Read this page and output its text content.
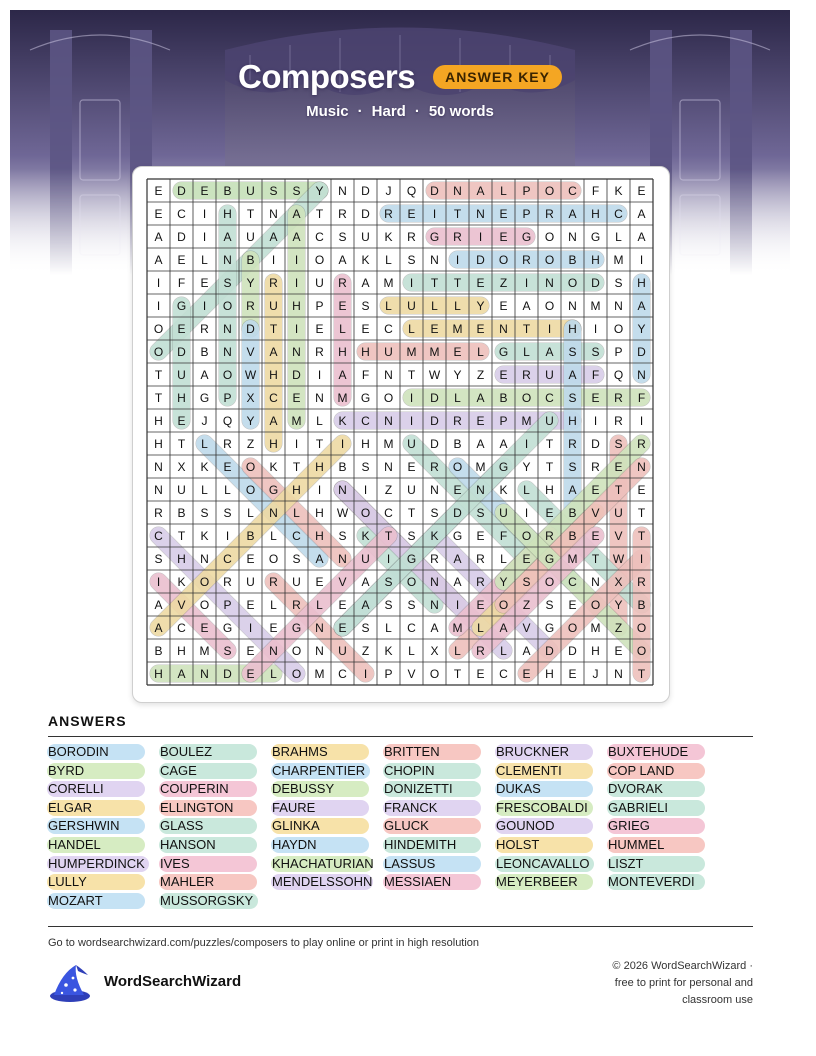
Composers ANSWER KEY
Music · Hard · 50 words
E D E B U S S Y N D J Q D N A L P O C F K E
E C I H T N A T R D R E I T N E P R A H C A
A D I A U A A C S U K R G R I E G O N G L A
A E L N B I I O A K L S N I D O R O B H M I
I F E S Y R I U R A M I T T E Z I N O D S H
I G I O R U H P E S L U L L Y E A O N M N A
O E R N D T I E L E C L E M E N T I H I O Y
O D B N V A N R H H U M M E L G L A S S P D
T U A O W H D I A F N T W Y Z E R U A F Q N
T H G P X C E N M G O I D L A B O C S E R F
H E J Q Y A M L K C N I D R E P M U H I R I
H T L R Z H I T I H M U D B A A I T R D S R
N X K E O K T H B S N E R O M G Y T S R E N
N U L L O G H I N I Z U N E N K L H A E T E
R B S S L N L H W O C T S D S U I E B V U T
C T K I B L C H S K T S K G E F O R B E V T
S H N C E O S A N U I G R A R L E G M T W I
I K O R U R U E V A S O N A R Y S O C N X R
A V O P E L R L E A S S N I E O Z S E O Y B
A C E G I E G N E S L C A M L A V G O M Z O
B H M S E N O N U Z K L X L R L A D D H E O
H A N D E L O M C I P V O T E C E H E J N T
ANSWERS
BORODIN	BOULEZ	BRAHMS	BRITTEN	BRUCKNER	BUXTEHUDE
BYRD	CAGE	CHARPENTIER CHOPIN	CLEMENTI	COP LAND
CORELLI	COUPERIN	DEBUSSY	DONIZETTI	DUKAS	DVORAK
ELGAR	ELLINGTON	FAURE	FRANCK	FRESCOBALDI GABRIELI
GERSHWIN	GLASS	GLINKA	GLUCK	GOUNOD	GRIEG
HANDEL	HANSON	HAYDN	HINDEMITH	HOLST	HUMMEL
HUMPERDINCK IVES	KHACHATURIAN LASSUS	LEONCAVALLO LISZT
LULLY	MAHLER	MENDELSSOHN MESSIAEN	MEYERBEER MONTEVERDI
MOZART	MUSSORGSKY
Go to wordsearchwizard.com/puzzles/composers to play online or print in high resolution
WordSearchWizard
© 2026 WordSearchWizard ·
free to print for personal and
classroom use
